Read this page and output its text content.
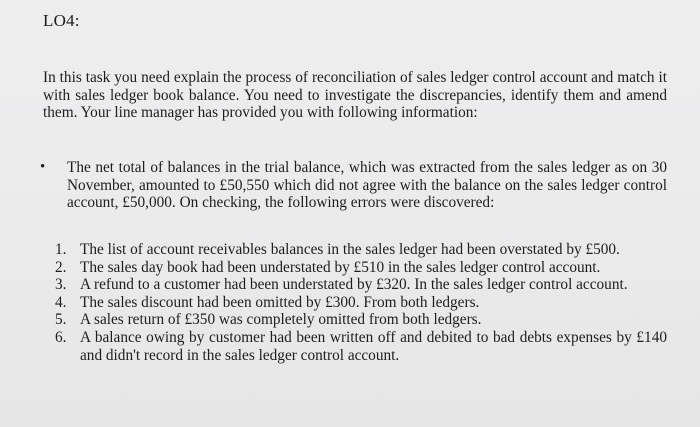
LO4:
In this task you need explain the process of reconciliation of sales ledger control account and match it with sales ledger book balance. You need to investigate the discrepancies, identify them and amend them. Your line manager has provided you with following information:
• The net total of balances in the trial balance, which was extracted from the sales ledger as on 30 November, amounted to £50,550 which did not agree with the balance on the sales ledger control account, £50,000. On checking, the following errors were discovered:
1. The list of account receivables balances in the sales ledger had been overstated by £500.
2. The sales day book had been understated by £510 in the sales ledger control account.
3. A refund to a customer had been understated by £320. In the sales ledger control account.
4. The sales discount had been omitted by £300. From both ledgers.
5. A sales return of £350 was completely omitted from both ledgers.
6. A balance owing by customer had been written off and debited to bad debts expenses by £140 and didn't record in the sales ledger control account.
